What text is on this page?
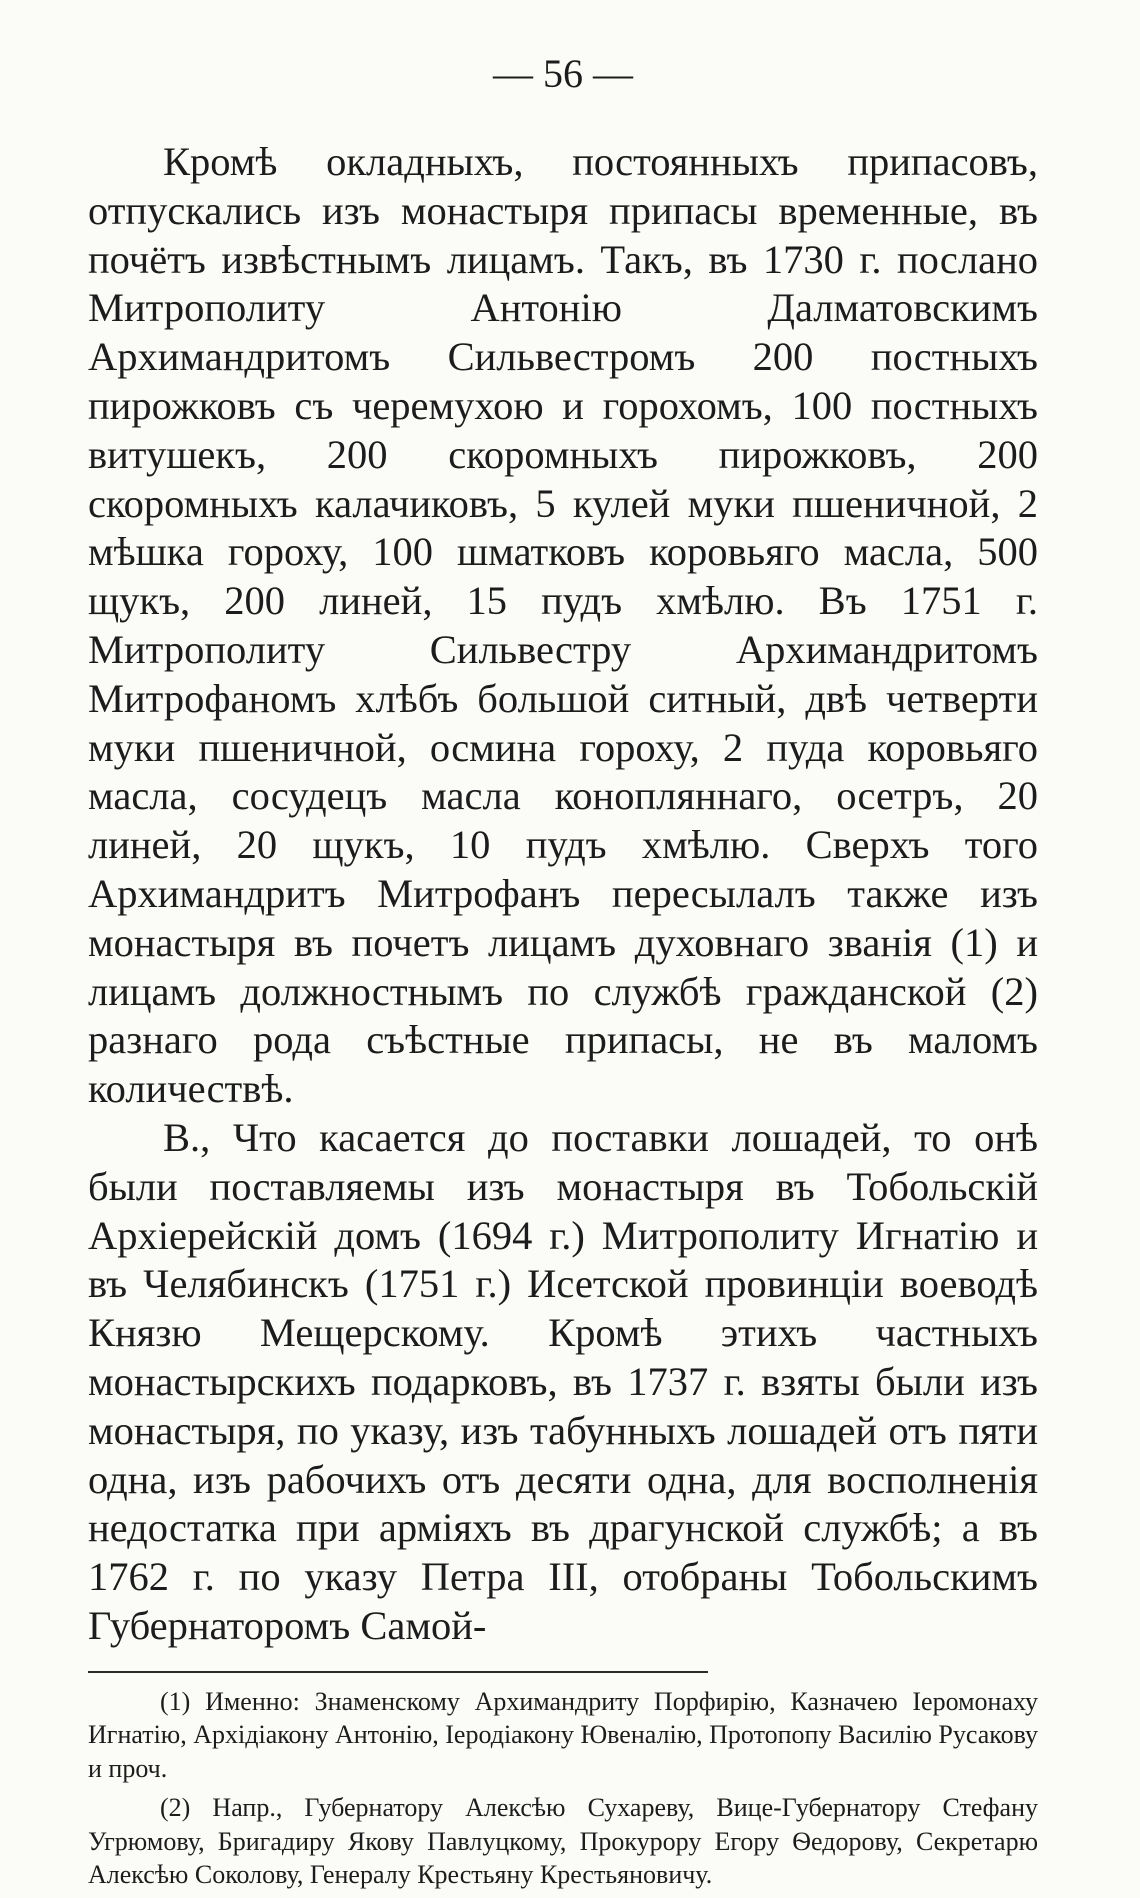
— 56 —

Кромѣ окладныхъ, постоянныхъ припасовъ, отпускались изъ монастыря припасы временные, въ почётъ извѣстнымъ лицамъ. Такъ, въ 1730 г. послано Митрополиту Антонію Далматовскимъ Архимандритомъ Сильвестромъ 200 постныхъ пирожковъ съ черемухою и горохомъ, 100 постныхъ витушекъ, 200 скоромныхъ пирожковъ, 200 скоромныхъ калачиковъ, 5 кулей муки пшеничной, 2 мѣшка гороху, 100 шматковъ коровьяго масла, 500 щукъ, 200 линей, 15 пудъ хмѣлю. Въ 1751 г. Митрополиту Сильвестру Архимандритомъ Митрофаномъ хлѣбъ большой ситный, двѣ четверти муки пшеничной, осмина гороху, 2 пуда коровьяго масла, сосудецъ масла конопляннаго, осетръ, 20 линей, 20 щукъ, 10 пудъ хмѣлю. Сверхъ того Архимандритъ Митрофанъ пересылалъ также изъ монастыря въ почетъ лицамъ духовнаго званія (1) и лицамъ должностнымъ по службѣ гражданской (2) разнаго рода съѣстные припасы, не въ маломъ количествѣ.

В., Что касается до поставки лошадей, то онѣ были поставляемы изъ монастыря въ Тобольскій Архіерейскій домъ (1694 г.) Митрополиту Игнатію и въ Челябинскъ (1751 г.) Исетской провинціи воеводѣ Князю Мещерскому. Кромѣ этихъ частныхъ монастырскихъ подарковъ, въ 1737 г. взяты были изъ монастыря, по указу, изъ табунныхъ лошадей отъ пяти одна, изъ рабочихъ отъ десяти одна, для восполненія недостатка при арміяхъ въ драгунской службѣ; а въ 1762 г. по указу Петра III, отобраны Тобольскимъ Губернаторомъ Самой-

(1) Именно: Знаменскому Архимандриту Порфирію, Казначею Іеромонаху Игнатію, Архідіакону Антонію, Іеродіакону Ювеналію, Протопопу Василію Русакову и проч.

(2) Напр., Губернатору Алексѣю Сухареву, Вице-Губернатору Стефану Угрюмову, Бригадиру Якову Павлуцкому, Прокурору Егору Ѳедорову, Секретарю Алексѣю Соколову, Генералу Крестьяну Крестьяновичу.
